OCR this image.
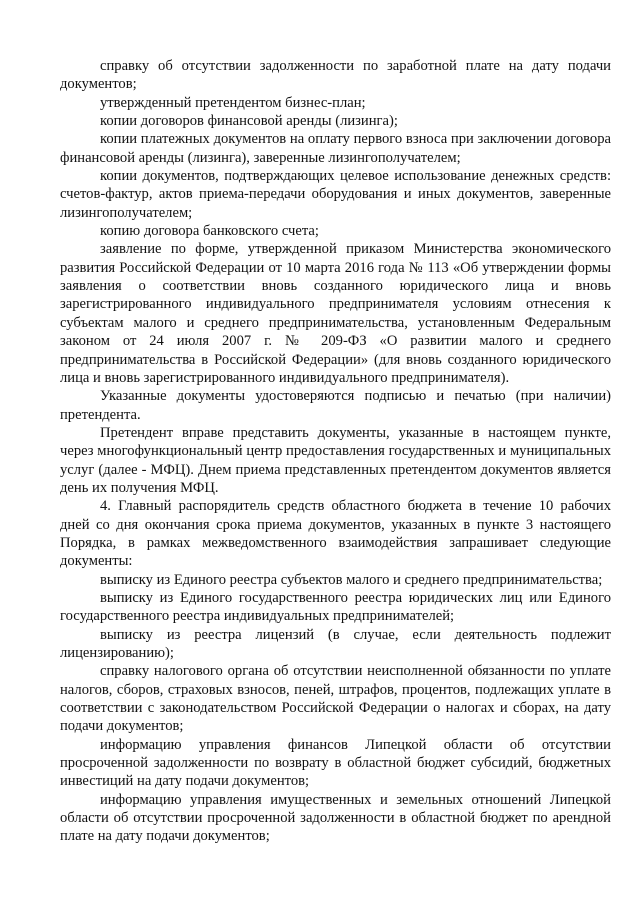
справку об отсутствии задолженности по заработной плате на дату подачи документов;

утвержденный претендентом бизнес-план;

копии договоров финансовой аренды (лизинга);

копии платежных документов на оплату первого взноса при заключении договора финансовой аренды (лизинга), заверенные лизингополучателем;

копии документов, подтверждающих целевое использование денежных средств: счетов-фактур, актов приема-передачи оборудования и иных документов, заверенные лизингополучателем;

копию договора банковского счета;

заявление по форме, утвержденной приказом Министерства экономического развития Российской Федерации от 10 марта 2016 года № 113 «Об утверждении формы заявления о соответствии вновь созданного юридического лица и вновь зарегистрированного индивидуального предпринимателя условиям отнесения к субъектам малого и среднего предпринимательства, установленным Федеральным законом от 24 июля 2007 г. № 209-ФЗ «О развитии малого и среднего предпринимательства в Российской Федерации» (для вновь созданного юридического лица и вновь зарегистрированного индивидуального предпринимателя).

Указанные документы удостоверяются подписью и печатью (при наличии) претендента.

Претендент вправе представить документы, указанные в настоящем пункте, через многофункциональный центр предоставления государственных и муниципальных услуг (далее - МФЦ). Днем приема представленных претендентом документов является день их получения МФЦ.

4. Главный распорядитель средств областного бюджета в течение 10 рабочих дней со дня окончания срока приема документов, указанных в пункте 3 настоящего Порядка, в рамках межведомственного взаимодействия запрашивает следующие документы:

выписку из Единого реестра субъектов малого и среднего предпринимательства;

выписку из Единого государственного реестра юридических лиц или Единого государственного реестра индивидуальных предпринимателей;

выписку из реестра лицензий (в случае, если деятельность подлежит лицензированию);

справку налогового органа об отсутствии неисполненной обязанности по уплате налогов, сборов, страховых взносов, пеней, штрафов, процентов, подлежащих уплате в соответствии с законодательством Российской Федерации о налогах и сборах, на дату подачи документов;

информацию управления финансов Липецкой области об отсутствии просроченной задолженности по возврату в областной бюджет субсидий, бюджетных инвестиций на дату подачи документов;

информацию управления имущественных и земельных отношений Липецкой области об отсутствии просроченной задолженности в областной бюджет по арендной плате на дату подачи документов;
